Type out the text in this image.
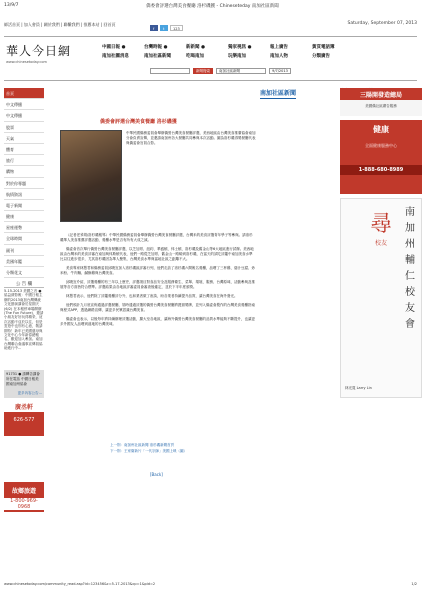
13/9/7	僑委會評選台灣美食餐廳 洛杉磯獲 - Chineseteday 南加社區新聞
Saturday, September 07, 2013
師活首頁 | 加入會員 | 關於我們 | 聯繫我們 | 推薦本站 | 回首頁
f	t	123
華人今日網
www.chinesetoday.com
中國日報 ●	台灣時報 ●	新新聞 ●	獨家視訊 ●	報上廣告	黃頁電話簿
南加社團消息	南加社區新聞	吃喝南加	玩樂南加	南加人物	分類廣告
新聞搜索	南加社區新聞	9/7/2013
首頁
中文傳播
中文傳播
股票
天氣
體育
旅行
購物
對於你專題
航情資訊
電子新聞
健康
星座運勢
全球時間
副刊
美國年鑑
分類花文
公 告 欄
5-15-2013 美國之音 ● 協益濟影報：中國日報主辦的2013南加台灣傳統文化節演講會於星期天(6/2) 在本報停車場開辦(The Fun Future)，邀請小朋友好好玩得精采，這次活動不亞於以往，但是雲遊中也別有心意，敬請期待！新年已美國慈母與文化中心今年新春總報名，歡迎加入參加。南加台灣聯合會議事宣傳員協助進行中...
91731 ● 請轉告講會所在電話 中國日報美國南加州協會
更多內容公告...
廣丞軒
626-577
故鄉旅遊
1-800-969-0968
南加社區新聞
僑委會評選台灣美食餐廳 洛杉磯獲
中華民國僑務委員會舉辦僑營台灣美食餐廳評選，美西地區由台灣美食推廣協會南加分會負責宣傳，並邀請南加州各大餐廳共同參與本次活動。圖為洛杉磯得獎餐廳代表與僑委會官員合影。

（記者老爹胡/洛杉磯報導）中華民國僑務委員會舉辦僑營台灣美食餐廳評選，台灣米的美食評選青年學子等參與。請洛杉磯華人美食推薦評選活動，餐廳水準是否有所有大成之誠。

僑委會首次舉行僑營台灣美食餐廳評選，以芝加哥、紐約、華盛頓、休士頓、洛杉磯及舊金山等6大地區進行試辦。美西地區由台灣米的美食評審在南加與休斯頓代表，他們一路從芝加哥、舊金山一路騎到洛杉磯，在當天的試吃評鑑中南加美食水準比以往進步很多，尤其洛杉磯因為華人聚集，台灣美食水準與當地社區之距離不大。

美食專家林慧君和僑務委員邱曉宜加入洛杉磯區評審行列，他們走訪了洛杉磯六間報名餐廳，品嚐了三杯雞、蔭汁豆腐、炒米粉、牛肉麵、鹹酥雞與台灣美食。

邱曉宜介紹，評選餐廳的有三年以上歷史，評選項目對食品安全及服務衛生、菜單、環境、服務、台灣原味、活動參與及推展等各方面皆符合標準。評選結果由各地區評審委員會審查後確定，並於下半年度頒獎。

林慧君表示，他們除了評鑑餐廳評分外，也和業者做了座談，盼各業者持續提升品質，讓台灣美食在海外發光。

他們預計九月底宣佈通過評選餐廳，屆時通過評選的僑營台灣美食餐廳將獲頒獎牌，並列入僑委會製作的台灣美食餐廳指南與程式APP，透過網路宣傳，讓更多民眾認識台灣美食。

僑委會也表示，以後每年將持續辦理評選活動，擴大至各地區，讓海外僑營台灣美食餐廳的品質水準能夠不斷提升，也讓更多外國友人品嚐到道地的台灣美味。

上一則：南加州社區新聞 洛杉磯新聞首頁
下一則：王家衛新片「一代宗師」美國上映（圖）
[Back]
三陽開發造總局
美國僑社區廣告服務
健康
全面健康服務中心
1-888-680-8989
尋
校友
南加州輔仁校友會
林光寬 Larry Lin
www.chinesetoday.com/community_read.asp?id=123456&c=5-17-2013&cp=1&pid=2	1/2
